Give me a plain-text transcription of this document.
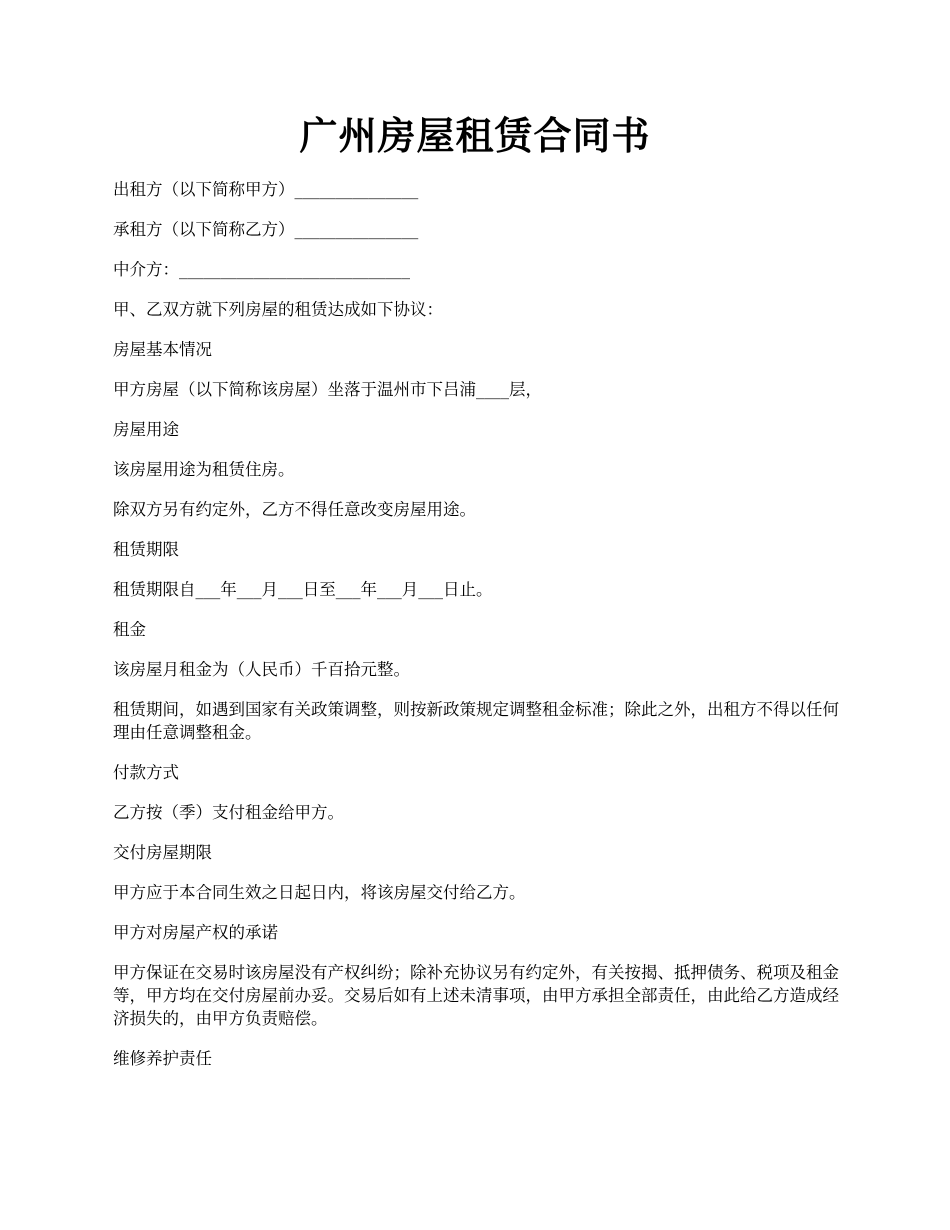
广州房屋租赁合同书

出租方（以下简称甲方）_______________

承租方（以下简称乙方）_______________

中介方：____________________________

甲、乙双方就下列房屋的租赁达成如下协议：

房屋基本情况

甲方房屋（以下简称该房屋）坐落于温州市下吕浦____层，

房屋用途

该房屋用途为租赁住房。

除双方另有约定外，乙方不得任意改变房屋用途。

租赁期限

租赁期限自___年___月___日至___年___月___日止。

租金

该房屋月租金为（人民币）千百拾元整。

租赁期间，如遇到国家有关政策调整，则按新政策规定调整租金标准；除此之外，出租方不得以任何理由任意调整租金。

付款方式

乙方按（季）支付租金给甲方。

交付房屋期限

甲方应于本合同生效之日起日内，将该房屋交付给乙方。

甲方对房屋产权的承诺

甲方保证在交易时该房屋没有产权纠纷；除补充协议另有约定外，有关按揭、抵押债务、税项及租金等，甲方均在交付房屋前办妥。交易后如有上述未清事项，由甲方承担全部责任，由此给乙方造成经济损失的，由甲方负责赔偿。

维修养护责任
